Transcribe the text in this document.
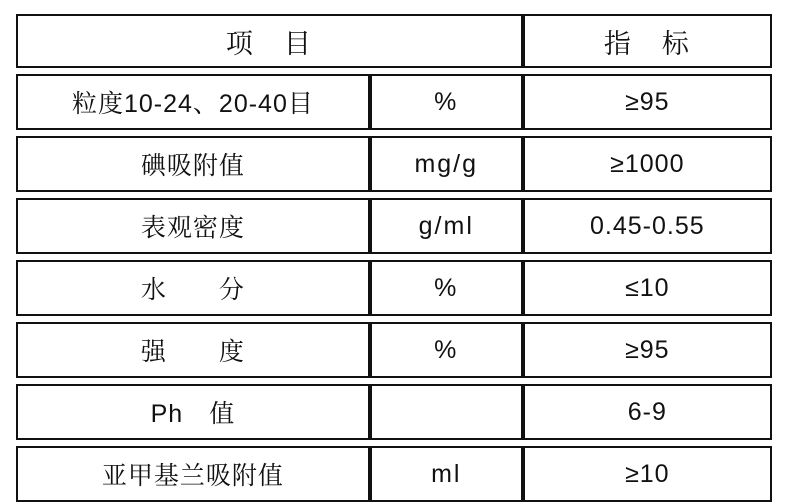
项　目		指　标

粒度10-24、20-40目	%	≥95

碘吸附值	mg/g	≥1000

表观密度	g/ml	0.45-0.55

水　　分	%	≤10

强　　度	%	≥95

Ph　值		6-9

亚甲基兰吸附值	ml	≥10
